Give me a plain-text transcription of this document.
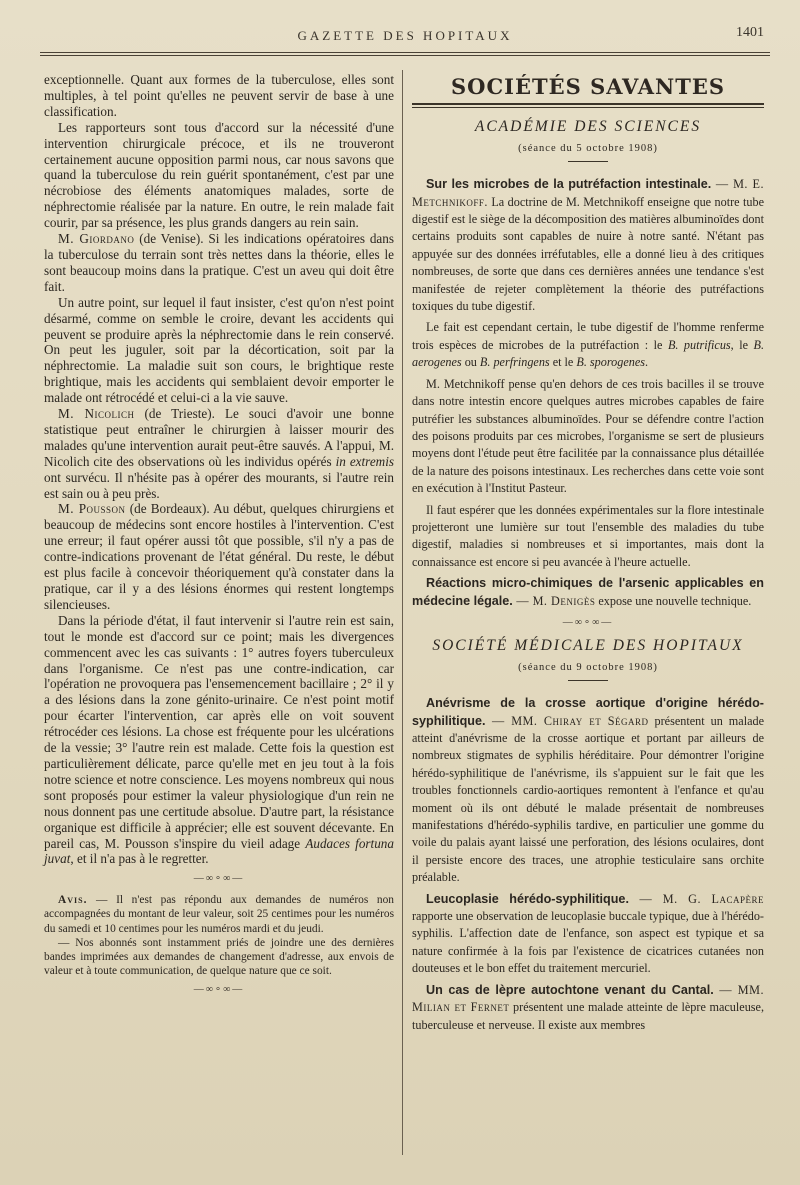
GAZETTE DES HOPITAUX	1401

exceptionnelle. Quant aux formes de la tuberculose, elles sont multiples, à tel point qu'elles ne peuvent servir de base à une classification.

Les rapporteurs sont tous d'accord sur la nécessité d'une intervention chirurgicale précoce, et ils ne trouveront certainement aucune opposition parmi nous, car nous savons que quand la tuberculose du rein guérit spontanément, c'est par une nécrobiose des éléments anatomiques malades, sorte de néphrectomie réalisée par la nature. En outre, le rein malade fait courir, par sa présence, les plus grands dangers au rein sain.

M. Giordano (de Venise). Si les indications opératoires dans la tuberculose du terrain sont très nettes dans la théorie, elles le sont beaucoup moins dans la pratique. C'est un aveu qui doit être fait.

Un autre point, sur lequel il faut insister, c'est qu'on n'est point désarmé, comme on semble le croire, devant les accidents qui peuvent se produire après la néphrectomie dans le rein conservé. On peut les juguler, soit par la décortication, soit par la néphrectomie. La maladie suit son cours, le brightique reste brightique, mais les accidents qui semblaient devoir emporter le malade ont rétrocédé et celui-ci a la vie sauve.

M. Nicolich (de Trieste). Le souci d'avoir une bonne statistique peut entraîner le chirurgien à laisser mourir des malades qu'une intervention aurait peut-être sauvés. A l'appui, M. Nicolich cite des observations où les individus opérés in extremis ont survécu. Il n'hésite pas à opérer des mourants, si l'autre rein est sain ou à peu près.

M. Pousson (de Bordeaux). Au début, quelques chirurgiens et beaucoup de médecins sont encore hostiles à l'intervention. C'est une erreur; il faut opérer aussi tôt que possible, s'il n'y a pas de contre-indications provenant de l'état général. Du reste, le début est plus facile à concevoir théoriquement qu'à constater dans la pratique, car il y a des lésions énormes qui restent longtemps silencieuses.

Dans la période d'état, il faut intervenir si l'autre rein est sain, tout le monde est d'accord sur ce point; mais les divergences commencent avec les cas suivants : 1° autres foyers tuberculeux dans l'organisme. Ce n'est pas une contre-indication, car l'opération ne provoquera pas l'ensemencement bacillaire ; 2° il y a des lésions dans la zone génito-urinaire. Ce n'est point motif pour écarter l'intervention, car après elle on voit souvent rétrocéder ces lésions. La chose est fréquente pour les ulcérations de la vessie; 3° l'autre rein est malade. Cette fois la question est particulièrement délicate, parce qu'elle met en jeu tout à la fois notre science et notre conscience. Les moyens nombreux qui nous sont proposés pour estimer la valeur physiologique d'un rein ne nous donnent pas une certitude absolue. D'autre part, la résistance organique est difficile à apprécier; elle est souvent décevante. En pareil cas, M. Pousson s'inspire du vieil adage Audaces fortuna juvat, et il n'a pas à le regretter.

—∞∘∞—

Avis. — Il n'est pas répondu aux demandes de numéros non accompagnées du montant de leur valeur, soit 25 centimes pour les numéros du samedi et 10 centimes pour les numéros mardi et du jeudi.

— Nos abonnés sont instamment priés de joindre une des dernières bandes imprimées aux demandes de changement d'adresse, aux envois de valeur et à toute communication, de quelque nature que ce soit.

—∞∘∞—
SOCIÉTÉS SAVANTES
ACADÉMIE DES SCIENCES
(séance du 5 octobre 1908)

Sur les microbes de la putréfaction intestinale. — M. E. Metchnikoff. La doctrine de M. Metchnikoff enseigne que notre tube digestif est le siège de la décomposition des matières albuminoïdes dont certains produits sont capables de nuire à notre santé. N'étant pas appuyée sur des données irréfutables, elle a donné lieu à des critiques nombreuses, de sorte que dans ces dernières années une tendance s'est manifestée de rejeter complètement la théorie des putréfactions toxiques du tube digestif.

Le fait est cependant certain, le tube digestif de l'homme renferme trois espèces de microbes de la putréfaction : le B. putrificus, le B. aerogenes ou B. perfringens et le B. sporogenes.

M. Metchnikoff pense qu'en dehors de ces trois bacilles il se trouve dans notre intestin encore quelques autres microbes capables de faire putréfier les substances albuminoïdes. Pour se défendre contre l'action des poisons produits par ces microbes, l'organisme se sert de plusieurs moyens dont l'étude peut être facilitée par la connaissance plus détaillée de la nature des poisons intestinaux. Les recherches dans cette voie sont en exécution à l'Institut Pasteur.

Il faut espérer que les données expérimentales sur la flore intestinale projetteront une lumière sur tout l'ensemble des maladies du tube digestif, maladies si nombreuses et si importantes, mais dont la connaissance est encore si peu avancée à l'heure actuelle.

Réactions micro-chimiques de l'arsenic applicables en médecine légale. — M. Denigès expose une nouvelle technique.

—∞∘∞—
SOCIÉTÉ MÉDICALE DES HOPITAUX
(séance du 9 octobre 1908)

Anévrisme de la crosse aortique d'origine hérédo-syphilitique. — MM. Chiray et Ségard présentent un malade atteint d'anévrisme de la crosse aortique et portant par ailleurs de nombreux stigmates de syphilis héréditaire. Pour démontrer l'origine hérédo-syphilitique de l'anévrisme, ils s'appuient sur le fait que les troubles fonctionnels cardio-aortiques remontent à l'enfance et qu'au moment où ils ont débuté le malade présentait de nombreuses manifestations d'hérédo-syphilis tardive, en particulier une gomme du voile du palais ayant laissé une perforation, des lésions oculaires, dont il persiste encore des traces, une atrophie testiculaire sans orchite préalable.

Leucoplasie hérédo-syphilitique. — M. G. Lacapère rapporte une observation de leucoplasie buccale typique, due à l'hérédo-syphilis. L'affection date de l'enfance, son aspect est typique et sa nature confirmée à la fois par l'existence de cicatrices cutanées non douteuses et le bon effet du traitement mercuriel.

Un cas de lèpre autochtone venant du Cantal. — MM. Milian et Fernet présentent une malade atteinte de lèpre maculeuse, tuberculeuse et nerveuse. Il existe aux membres
